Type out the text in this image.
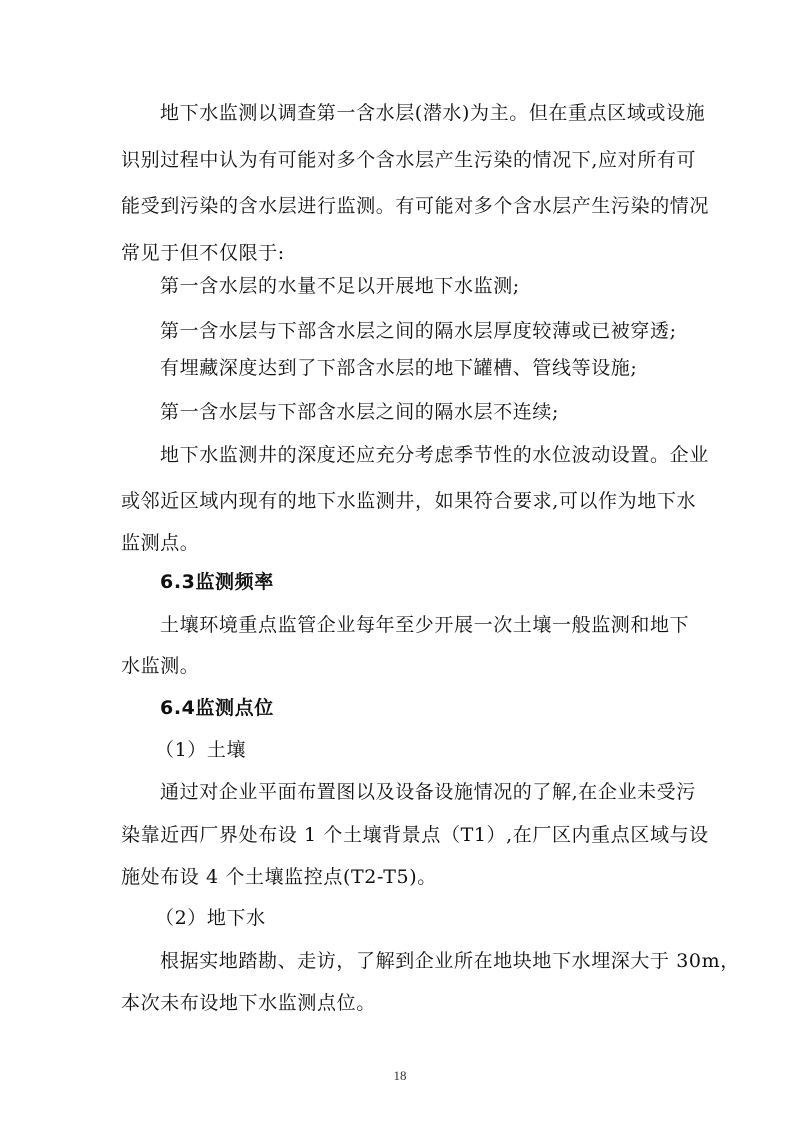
地下水监测以调查第一含水层(潜水)为主。但在重点区域或设施
识别过程中认为有可能对多个含水层产生污染的情况下,应对所有可
能受到污染的含水层进行监测。有可能对多个含水层产生污染的情况
常见于但不仅限于:
第一含水层的水量不足以开展地下水监测;
第一含水层与下部含水层之间的隔水层厚度较薄或已被穿透;
有埋藏深度达到了下部含水层的地下罐槽、管线等设施;
第一含水层与下部含水层之间的隔水层不连续;
地下水监测井的深度还应充分考虑季节性的水位波动设置。企业
或邻近区域内现有的地下水监测井，如果符合要求,可以作为地下水
监测点。
6.3监测频率
土壤环境重点监管企业每年至少开展一次土壤一般监测和地下
水监测。
6.4监测点位
（1）土壤
通过对企业平面布置图以及设备设施情况的了解,在企业未受污
染靠近西厂界处布设 1 个土壤背景点（T1）,在厂区内重点区域与设
施处布设 4 个土壤监控点(T2-T5)。
（2）地下水
根据实地踏勘、走访，了解到企业所在地块地下水埋深大于 30m，
本次未布设地下水监测点位。
18
